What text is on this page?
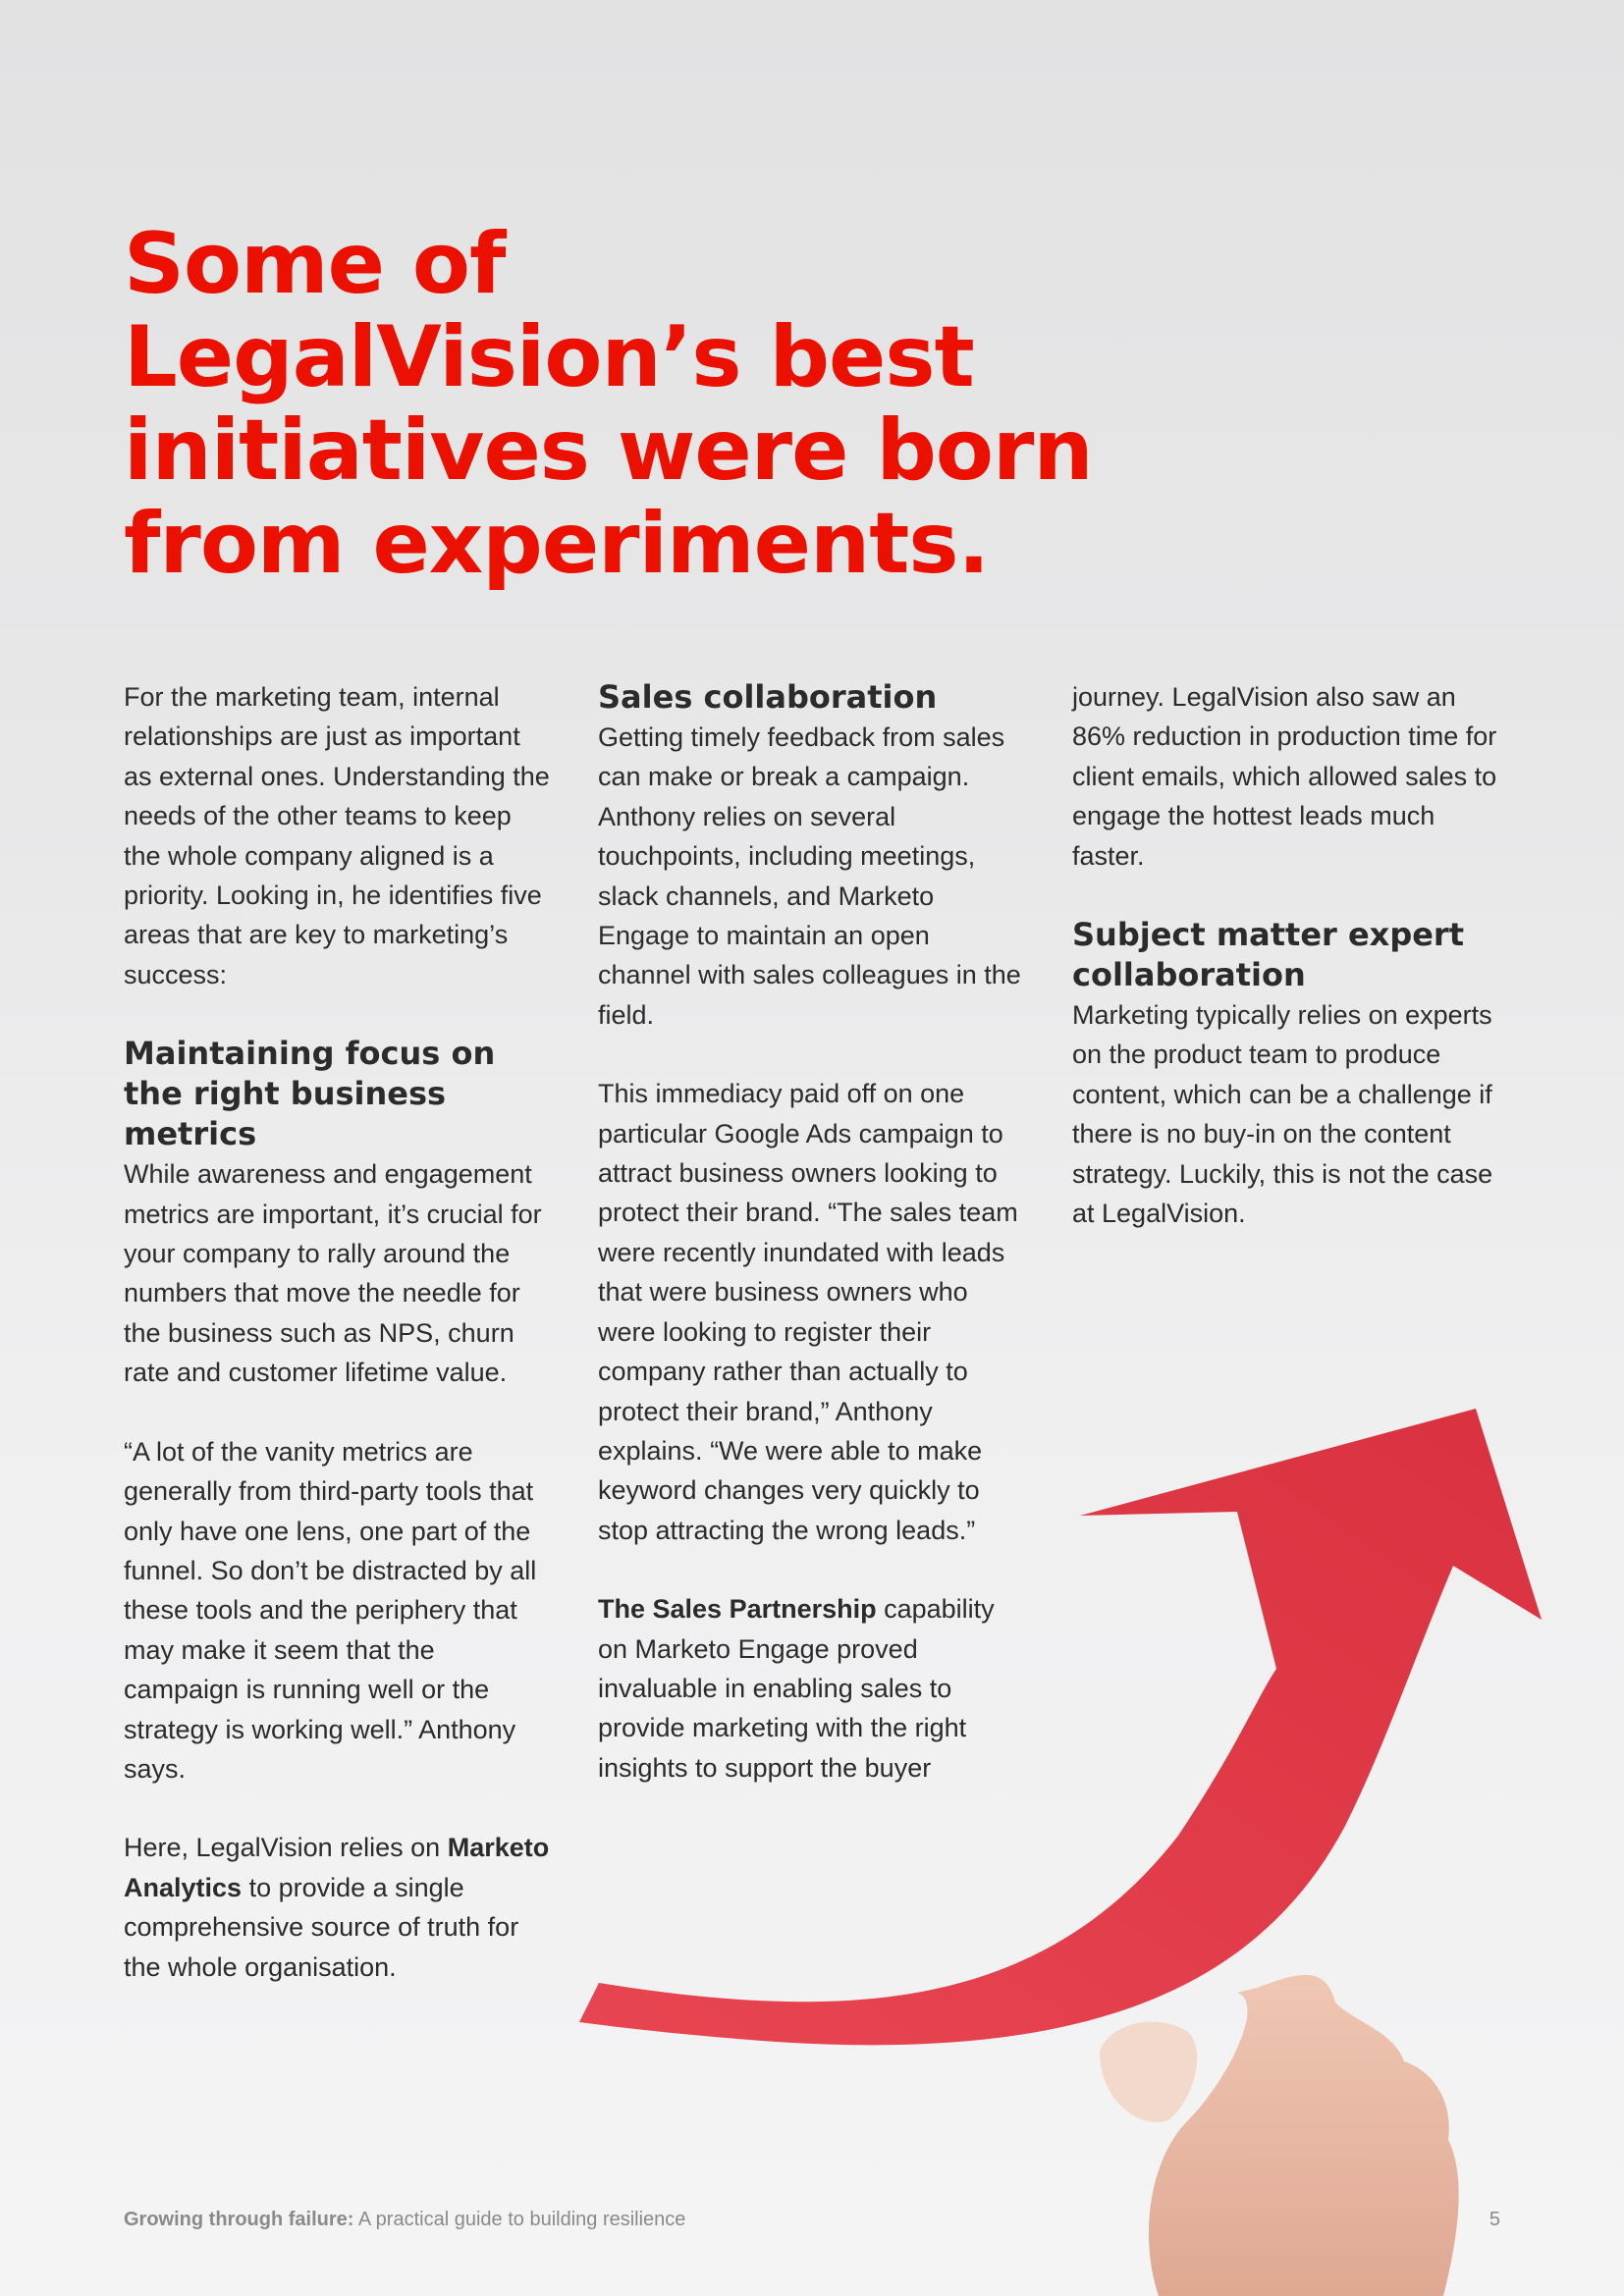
Some of
LegalVision’s best
initiatives were born
from experiments.

For the marketing team, internal relationships are just as important as external ones. Understanding the needs of the other teams to keep the whole company aligned is a priority. Looking in, he identifies five areas that are key to marketing’s success:

Maintaining focus on the right business metrics

While awareness and engagement metrics are important, it’s crucial for your company to rally around the numbers that move the needle for the business such as NPS, churn rate and customer lifetime value.

“A lot of the vanity metrics are generally from third-party tools that only have one lens, one part of the funnel. So don’t be distracted by all these tools and the periphery that may make it seem that the campaign is running well or the strategy is working well.” Anthony says.

Here, LegalVision relies on Marketo Analytics to provide a single comprehensive source of truth for the whole organisation.

Sales collaboration

Getting timely feedback from sales can make or break a campaign. Anthony relies on several touchpoints, including meetings, slack channels, and Marketo Engage to maintain an open channel with sales colleagues in the field.

This immediacy paid off on one particular Google Ads campaign to attract business owners looking to protect their brand. “The sales team were recently inundated with leads that were business owners who were looking to register their company rather than actually to protect their brand,” Anthony explains. “We were able to make keyword changes very quickly to stop attracting the wrong leads.”

The Sales Partnership capability on Marketo Engage proved invaluable in enabling sales to provide marketing with the right insights to support the buyer

journey. LegalVision also saw an 86% reduction in production time for client emails, which allowed sales to engage the hottest leads much faster.

Subject matter expert collaboration

Marketing typically relies on experts on the product team to produce content, which can be a challenge if there is no buy-in on the content strategy. Luckily, this is not the case at LegalVision.

Growing through failure: A practical guide to building resilience	5
